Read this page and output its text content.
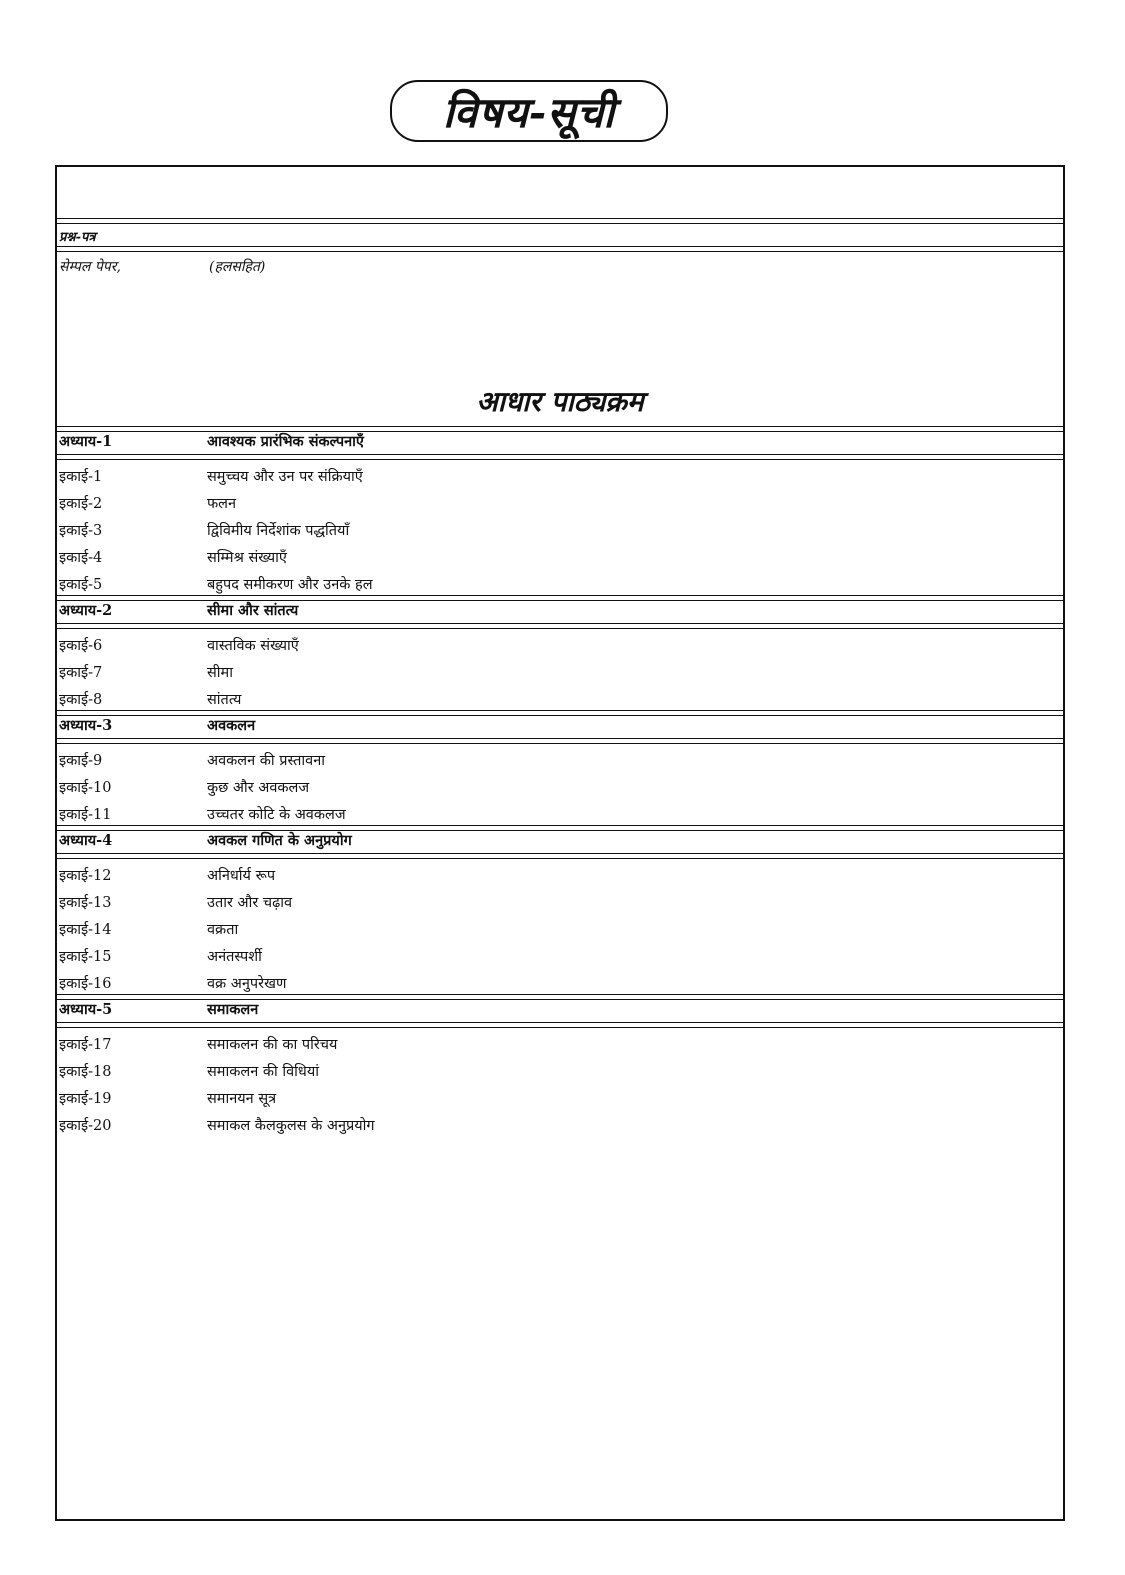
विषय-सूची
प्रश्न-पत्र
सेम्पल पेपर,	(हलसहित)
आधार पाठ्यक्रम
अध्याय-1	आवश्यक प्रारंभिक संकल्पनाएँ
इकाई-1	समुच्चय और उन पर संक्रियाएँ
इकाई-2	फलन
इकाई-3	द्विविमीय निर्देशांक पद्धतियाँ
इकाई-4	सम्मिश्र संख्याएँ
इकाई-5	बहुपद समीकरण और उनके हल
अध्याय-2	सीमा और सांतत्य
इकाई-6	वास्तविक संख्याएँ
इकाई-7	सीमा
इकाई-8	सांतत्य
अध्याय-3	अवकलन
इकाई-9	अवकलन की प्रस्तावना
इकाई-10	कुछ और अवकलज
इकाई-11	उच्चतर कोटि के अवकलज
अध्याय-4	अवकल गणित के अनुप्रयोग
इकाई-12	अनिर्धार्य रूप
इकाई-13	उतार और चढ़ाव
इकाई-14	वक्रता
इकाई-15	अनंतस्पर्शी
इकाई-16	वक्र अनुपरेखण
अध्याय-5	समाकलन
इकाई-17	समाकलन की का परिचय
इकाई-18	समाकलन की विधियां
इकाई-19	समानयन सूत्र
इकाई-20	समाकल कैलकुलस के अनुप्रयोग
